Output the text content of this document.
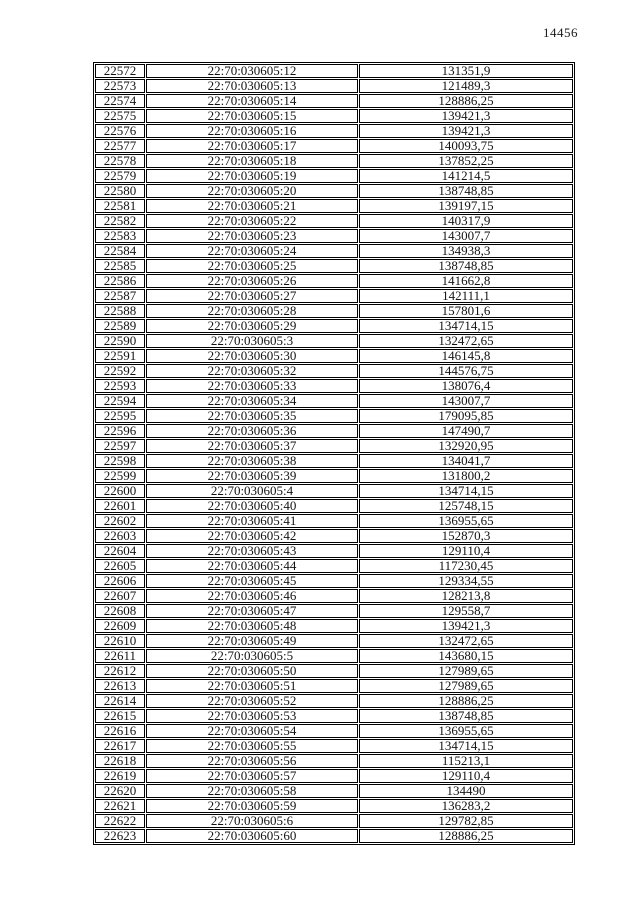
14456
22572	22:70:030605:12	131351,9
22573	22:70:030605:13	121489,3
22574	22:70:030605:14	128886,25
22575	22:70:030605:15	139421,3
22576	22:70:030605:16	139421,3
22577	22:70:030605:17	140093,75
22578	22:70:030605:18	137852,25
22579	22:70:030605:19	141214,5
22580	22:70:030605:20	138748,85
22581	22:70:030605:21	139197,15
22582	22:70:030605:22	140317,9
22583	22:70:030605:23	143007,7
22584	22:70:030605:24	134938,3
22585	22:70:030605:25	138748,85
22586	22:70:030605:26	141662,8
22587	22:70:030605:27	142111,1
22588	22:70:030605:28	157801,6
22589	22:70:030605:29	134714,15
22590	22:70:030605:3	132472,65
22591	22:70:030605:30	146145,8
22592	22:70:030605:32	144576,75
22593	22:70:030605:33	138076,4
22594	22:70:030605:34	143007,7
22595	22:70:030605:35	179095,85
22596	22:70:030605:36	147490,7
22597	22:70:030605:37	132920,95
22598	22:70:030605:38	134041,7
22599	22:70:030605:39	131800,2
22600	22:70:030605:4	134714,15
22601	22:70:030605:40	125748,15
22602	22:70:030605:41	136955,65
22603	22:70:030605:42	152870,3
22604	22:70:030605:43	129110,4
22605	22:70:030605:44	117230,45
22606	22:70:030605:45	129334,55
22607	22:70:030605:46	128213,8
22608	22:70:030605:47	129558,7
22609	22:70:030605:48	139421,3
22610	22:70:030605:49	132472,65
22611	22:70:030605:5	143680,15
22612	22:70:030605:50	127989,65
22613	22:70:030605:51	127989,65
22614	22:70:030605:52	128886,25
22615	22:70:030605:53	138748,85
22616	22:70:030605:54	136955,65
22617	22:70:030605:55	134714,15
22618	22:70:030605:56	115213,1
22619	22:70:030605:57	129110,4
22620	22:70:030605:58	134490
22621	22:70:030605:59	136283,2
22622	22:70:030605:6	129782,85
22623	22:70:030605:60	128886,25
